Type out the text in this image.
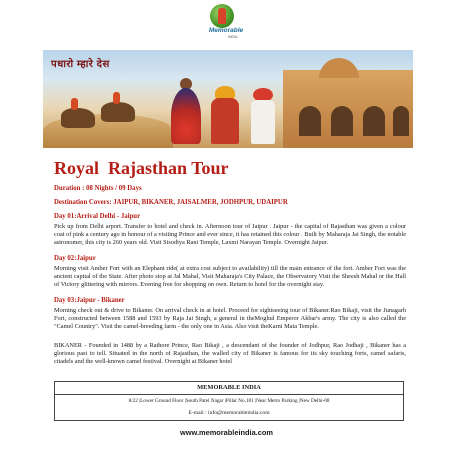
Memorable
INDIA
पधारो म्हारे देस
Royal  Rajasthan Tour
Duration : 08 Nights / 09 Days
Destination Covers: JAIPUR, BIKANER, JAISALMER, JODHPUR, UDAIPUR
Day 01:Arrival Delhi - Jaipur
Pick up from Delhi arport. Transfer to hotel and check in. Afternoon tour of Jaipur . Jaipur - the capital of Rajasthan was given a colour coat of pink a century ago in honour of a visiting Prince and ever since, it has retained this colour . Built by Maharaja Jai Singh, the notable astronomer, this city is 260 years old. Visit Sisodiya Rani Temple, Laxmi Narayan Temple. Overnight Jaipur.
Day 02:Jaipur
Morning visit Amber Fort with an Elephant ride( at extra cost subject to availability) till the main entrance of the fort. Amber Fort was the ancient capital of the State. After photo stop at Jal Mahal, Visit Maharaja's City Palace, the Observatory Visit the Sheesh Mahal or the Hall of Victory glittering with mirrors. Evening free for shopping on own. Return to hotel for the overnight stay.
Day 03:Jaipur - Bikaner
Morning check out & drive to Bikaner. On arrival check in at hotel. Proceed for sightseeing tour of Bikaner.Rao Bikaji, visit the Junagarh Fort, constructed between 1588 and 1593 by Raja Jai Singh, a general in theMoghul Emperor Akbar's army. The city is also called the "Camel Country". Visit the camel-breeding farm - the only one in Asia. Also visit theKarni Mata Temple.
BIKANER - Founded in 1488 by a Rathore Prince, Rao Bikaji , a descendant of the founder of Jodhpur, Rao Jodhaji , Bikaner has a glorious past to tell. Situated in the north of Rajasthan, the walled city of Bikaner is famous for its sky touching forts, camel safaris, citadels and the well-known camel festival. Overnight at Bikaner hotel
MEMORABLE INDIA
8/22 |Lower Ground Floor |South Patel Nagar |Pillar No.181 |Near Metro Parking |New Delhi-08
E-mail : info@memorableindia.com
www.memorableindia.com
